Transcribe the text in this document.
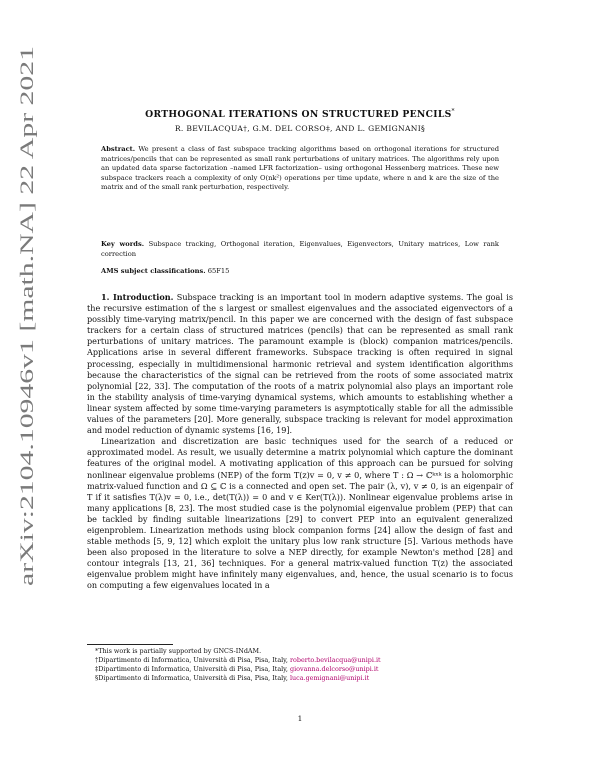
arXiv:2104.10946v1 [math.NA] 22 Apr 2021
ORTHOGONAL ITERATIONS ON STRUCTURED PENCILS*
R. BEVILACQUA†, G.M. DEL CORSO‡, AND L. GEMIGNANI§
Abstract. We present a class of fast subspace tracking algorithms based on orthogonal iterations for structured matrices/pencils that can be represented as small rank perturbations of unitary matrices. The algorithms rely upon an updated data sparse factorization –named LFR factorization– using orthogonal Hessenberg matrices. These new subspace trackers reach a complexity of only O(nk²) operations per time update, where n and k are the size of the matrix and of the small rank perturbation, respectively.
Key words. Subspace tracking, Orthogonal iteration, Eigenvalues, Eigenvectors, Unitary matrices, Low rank correction
AMS subject classifications. 65F15

1. Introduction. Subspace tracking is an important tool in modern adaptive systems. The goal is the recursive estimation of the s largest or smallest eigenvalues and the associated eigenvectors of a possibly time-varying matrix/pencil. In this paper we are concerned with the design of fast subspace trackers for a certain class of structured matrices (pencils) that can be represented as small rank perturbations of unitary matrices. The paramount example is (block) companion matrices/pencils. Applications arise in several different frameworks. Subspace tracking is often required in signal processing, especially in multidimensional harmonic retrieval and system identification algorithms because the characteristics of the signal can be retrieved from the roots of some associated matrix polynomial [22, 33]. The computation of the roots of a matrix polynomial also plays an important role in the stability analysis of time-varying dynamical systems, which amounts to establishing whether a linear system affected by some time-varying parameters is asymptotically stable for all the admissible values of the parameters [20]. More generally, subspace tracking is relevant for model approximation and model reduction of dynamic systems [16, 19].

Linearization and discretization are basic techniques used for the search of a reduced or approximated model. As result, we usually determine a matrix polynomial which capture the dominant features of the original model. A motivating application of this approach can be pursued for solving nonlinear eigenvalue problems (NEP) of the form T(z)v = 0, v ≠ 0, where T : Ω → ℂᵏˣᵏ is a holomorphic matrix-valued function and Ω ⊆ ℂ is a connected and open set. The pair (λ, v), v ≠ 0, is an eigenpair of T if it satisfies T(λ)v = 0, i.e., det(T(λ)) = 0 and v ∈ Ker(T(λ)). Nonlinear eigenvalue problems arise in many applications [8, 23]. The most studied case is the polynomial eigenvalue problem (PEP) that can be tackled by finding suitable linearizations [29] to convert PEP into an equivalent generalized eigenproblem. Linearization methods using block companion forms [24] allow the design of fast and stable methods [5, 9, 12] which exploit the unitary plus low rank structure [5]. Various methods have been also proposed in the literature to solve a NEP directly, for example Newton's method [28] and contour integrals [13, 21, 36] techniques. For a general matrix-valued function T(z) the associated eigenvalue problem might have infinitely many eigenvalues, and, hence, the usual scenario is to focus on computing a few eigenvalues located in a

*This work is partially supported by GNCS-INdAM.
†Dipartimento di Informatica, Università di Pisa, Pisa, Italy, roberto.bevilacqua@unipi.it
‡Dipartimento di Informatica, Università di Pisa, Pisa, Italy, giovanna.delcorso@unipi.it
§Dipartimento di Informatica, Università di Pisa, Pisa, Italy, luca.gemignani@unipi.it
1
